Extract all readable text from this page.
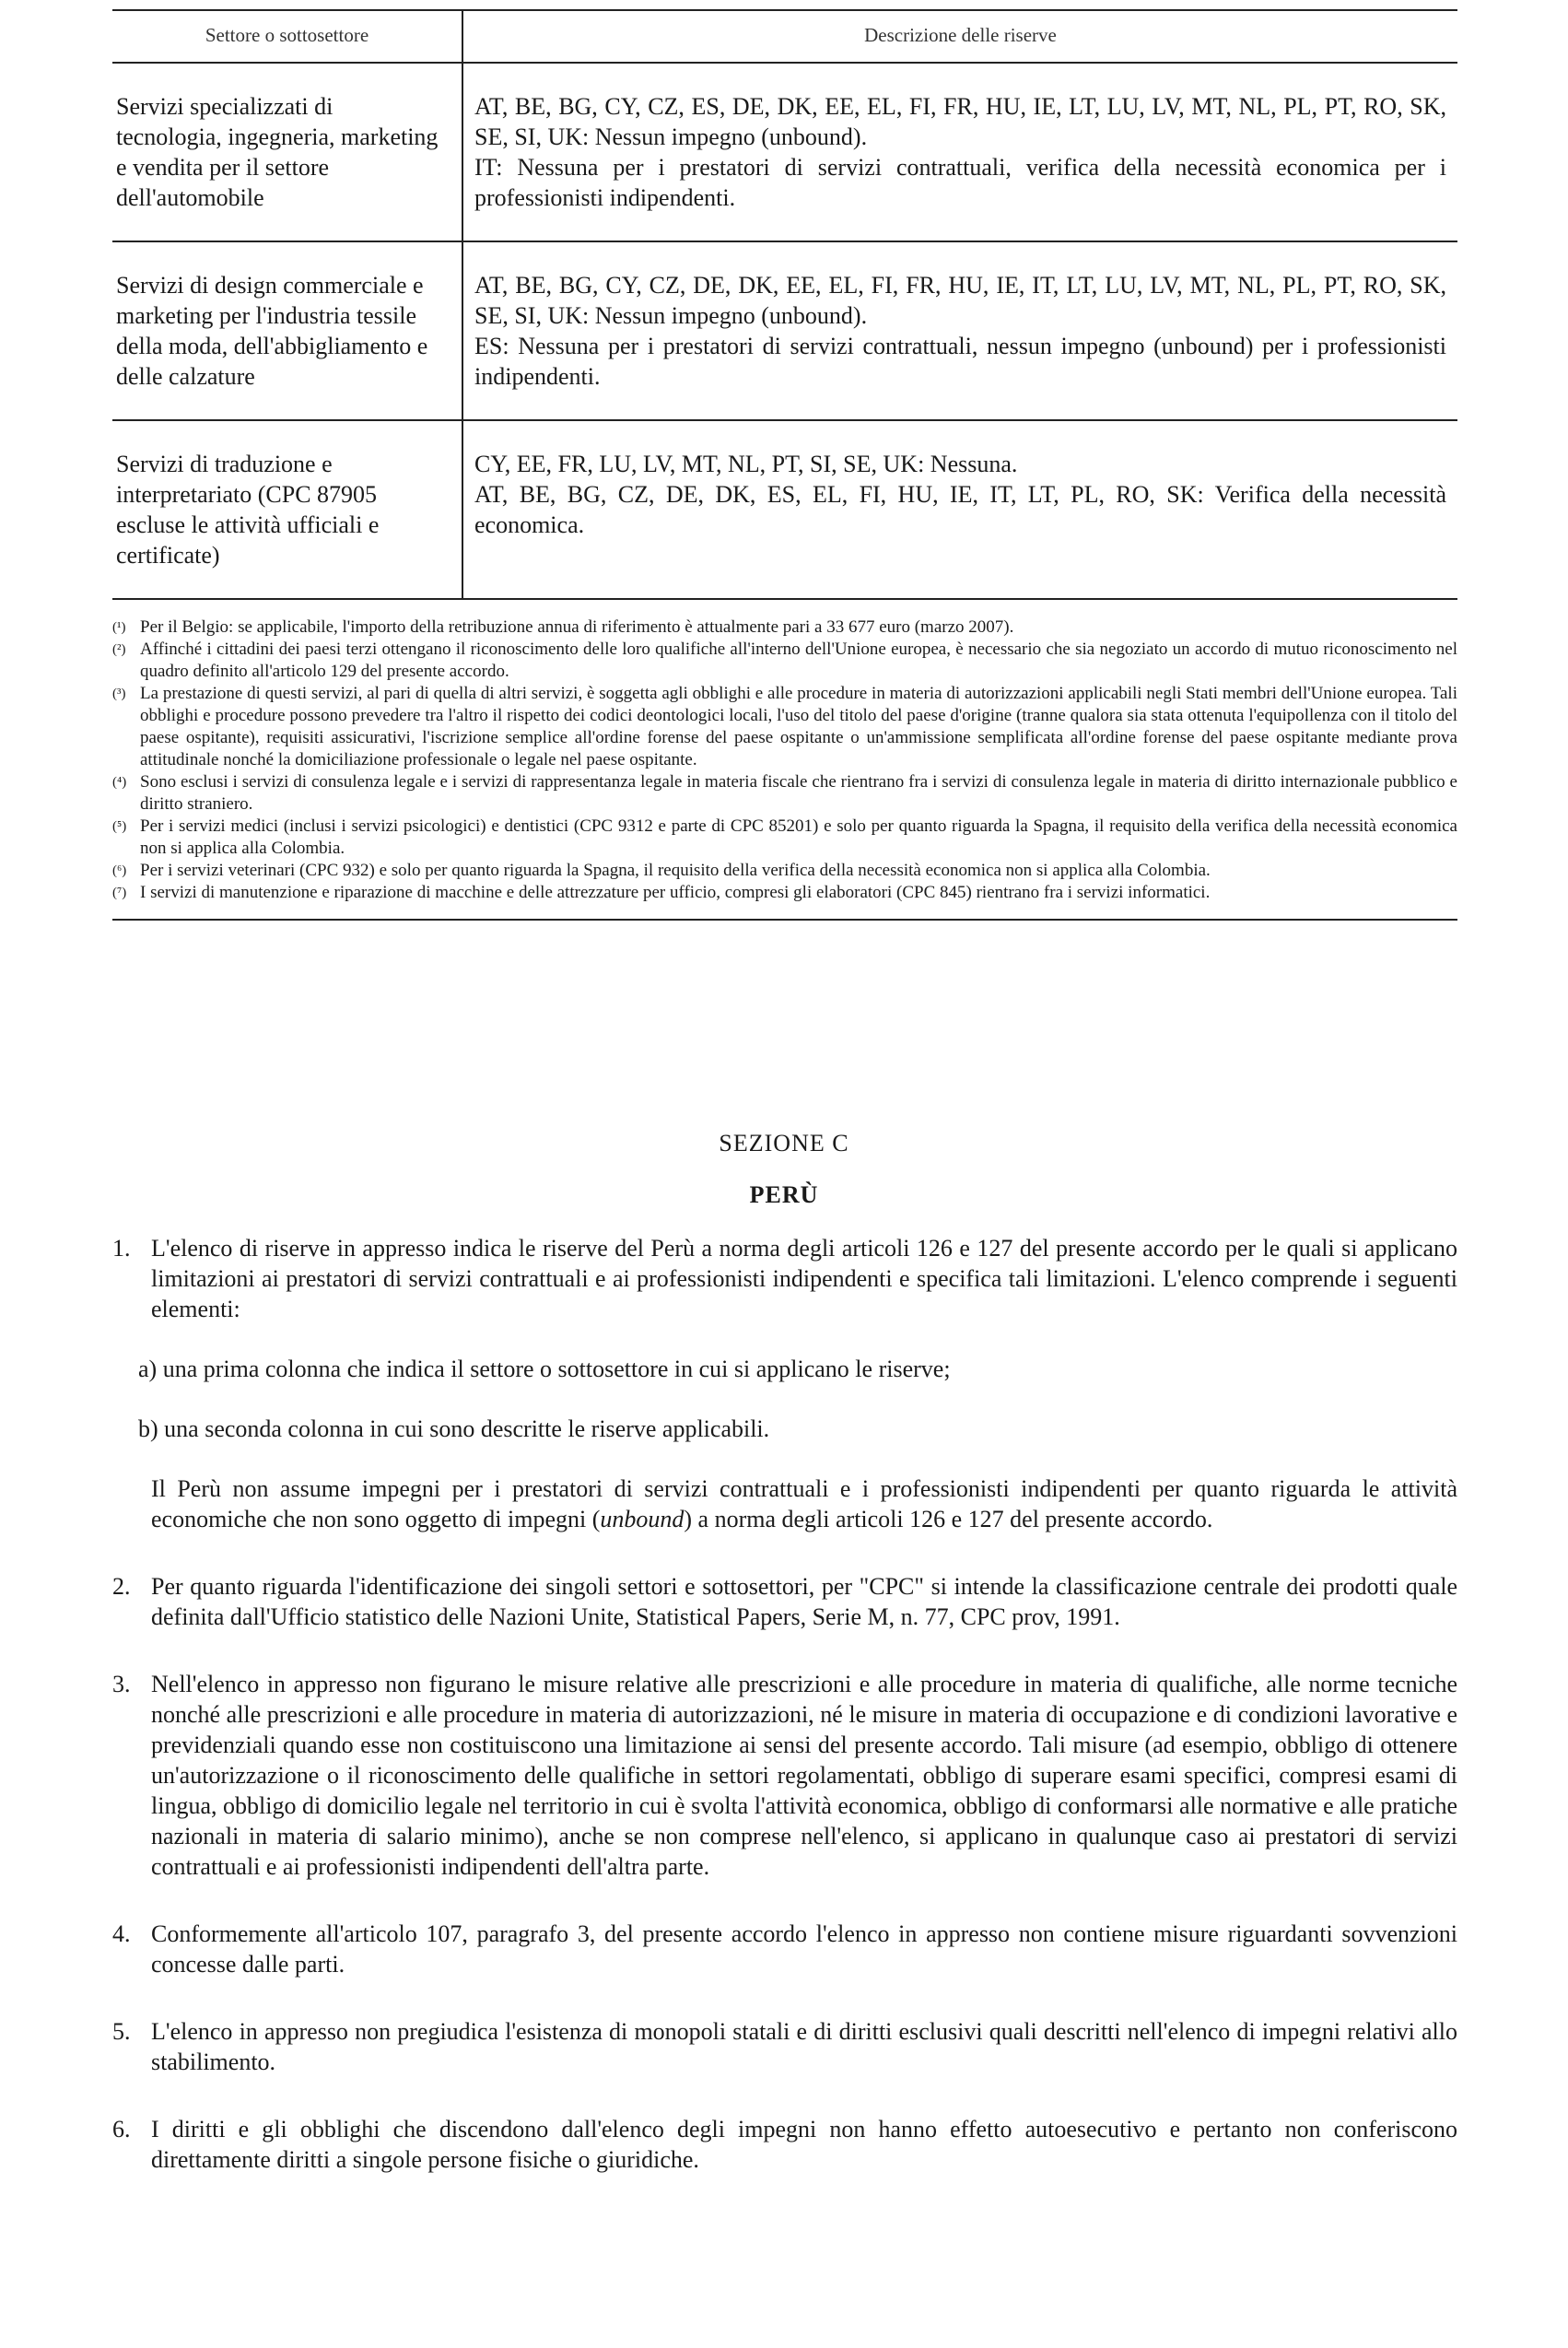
Settore o sottosettore	Descrizione delle riserve
Servizi specializzati di tecnologia, ingegneria, marketing e vendita per il settore dell'automobile	AT, BE, BG, CY, CZ, ES, DE, DK, EE, EL, FI, FR, HU, IE, LT, LU, LV, MT, NL, PL, PT, RO, SK, SE, SI, UK: Nessun impegno (unbound).
IT: Nessuna per i prestatori di servizi contrattuali, verifica della necessità economica per i professionisti indipendenti.

Servizi di design commerciale e marketing per l'industria tessile della moda, dell'abbigliamento e delle calzature	AT, BE, BG, CY, CZ, DE, DK, EE, EL, FI, FR, HU, IE, IT, LT, LU, LV, MT, NL, PL, PT, RO, SK, SE, SI, UK: Nessun impegno (unbound).
ES: Nessuna per i prestatori di servizi contrattuali, nessun impegno (unbound) per i professionisti indipendenti.

Servizi di traduzione e interpretariato (CPC 87905 escluse le attività ufficiali e certificate)	CY, EE, FR, LU, LV, MT, NL, PT, SI, SE, UK: Nessuna.
AT, BE, BG, CZ, DE, DK, ES, EL, FI, HU, IE, IT, LT, PL, RO, SK: Verifica della necessità economica.
(¹) Per il Belgio: se applicabile, l'importo della retribuzione annua di riferimento è attualmente pari a 33 677 euro (marzo 2007).
(²) Affinché i cittadini dei paesi terzi ottengano il riconoscimento delle loro qualifiche all'interno dell'Unione europea, è necessario che sia negoziato un accordo di mutuo riconoscimento nel quadro definito all'articolo 129 del presente accordo.
(³) La prestazione di questi servizi, al pari di quella di altri servizi, è soggetta agli obblighi e alle procedure in materia di autorizzazioni applicabili negli Stati membri dell'Unione europea. Tali obblighi e procedure possono prevedere tra l'altro il rispetto dei codici deontologici locali, l'uso del titolo del paese d'origine (tranne qualora sia stata ottenuta l'equipollenza con il titolo del paese ospitante), requisiti assicurativi, l'iscrizione semplice all'ordine forense del paese ospitante o un'ammissione semplificata all'ordine forense del paese ospitante mediante prova attitudinale nonché la domiciliazione professionale o legale nel paese ospitante.
(⁴) Sono esclusi i servizi di consulenza legale e i servizi di rappresentanza legale in materia fiscale che rientrano fra i servizi di consulenza legale in materia di diritto internazionale pubblico e diritto straniero.
(⁵) Per i servizi medici (inclusi i servizi psicologici) e dentistici (CPC 9312 e parte di CPC 85201) e solo per quanto riguarda la Spagna, il requisito della verifica della necessità economica non si applica alla Colombia.
(⁶) Per i servizi veterinari (CPC 932) e solo per quanto riguarda la Spagna, il requisito della verifica della necessità economica non si applica alla Colombia.
(⁷) I servizi di manutenzione e riparazione di macchine e delle attrezzature per ufficio, compresi gli elaboratori (CPC 845) rientrano fra i servizi informatici.
SEZIONE C
PERÙ
1. L'elenco di riserve in appresso indica le riserve del Perù a norma degli articoli 126 e 127 del presente accordo per le quali si applicano limitazioni ai prestatori di servizi contrattuali e ai professionisti indipendenti e specifica tali limitazioni. L'elenco comprende i seguenti elementi:
a) una prima colonna che indica il settore o sottosettore in cui si applicano le riserve;
b) una seconda colonna in cui sono descritte le riserve applicabili.
Il Perù non assume impegni per i prestatori di servizi contrattuali e i professionisti indipendenti per quanto riguarda le attività economiche che non sono oggetto di impegni (unbound) a norma degli articoli 126 e 127 del presente accordo.
2. Per quanto riguarda l'identificazione dei singoli settori e sottosettori, per "CPC" si intende la classificazione centrale dei prodotti quale definita dall'Ufficio statistico delle Nazioni Unite, Statistical Papers, Serie M, n. 77, CPC prov, 1991.
3. Nell'elenco in appresso non figurano le misure relative alle prescrizioni e alle procedure in materia di qualifiche, alle norme tecniche nonché alle prescrizioni e alle procedure in materia di autorizzazioni, né le misure in materia di occupazione e di condizioni lavorative e previdenziali quando esse non costituiscono una limitazione ai sensi del presente accordo. Tali misure (ad esempio, obbligo di ottenere un'autorizzazione o il riconoscimento delle qualifiche in settori regolamentati, obbligo di superare esami specifici, compresi esami di lingua, obbligo di domicilio legale nel territorio in cui è svolta l'attività economica, obbligo di conformarsi alle normative e alle pratiche nazionali in materia di salario minimo), anche se non comprese nell'elenco, si applicano in qualunque caso ai prestatori di servizi contrattuali e ai professionisti indipendenti dell'altra parte.
4. Conformemente all'articolo 107, paragrafo 3, del presente accordo l'elenco in appresso non contiene misure riguardanti sovvenzioni concesse dalle parti.
5. L'elenco in appresso non pregiudica l'esistenza di monopoli statali e di diritti esclusivi quali descritti nell'elenco di impegni relativi allo stabilimento.
6. I diritti e gli obblighi che discendono dall'elenco degli impegni non hanno effetto autoesecutivo e pertanto non conferiscono direttamente diritti a singole persone fisiche o giuridiche.
